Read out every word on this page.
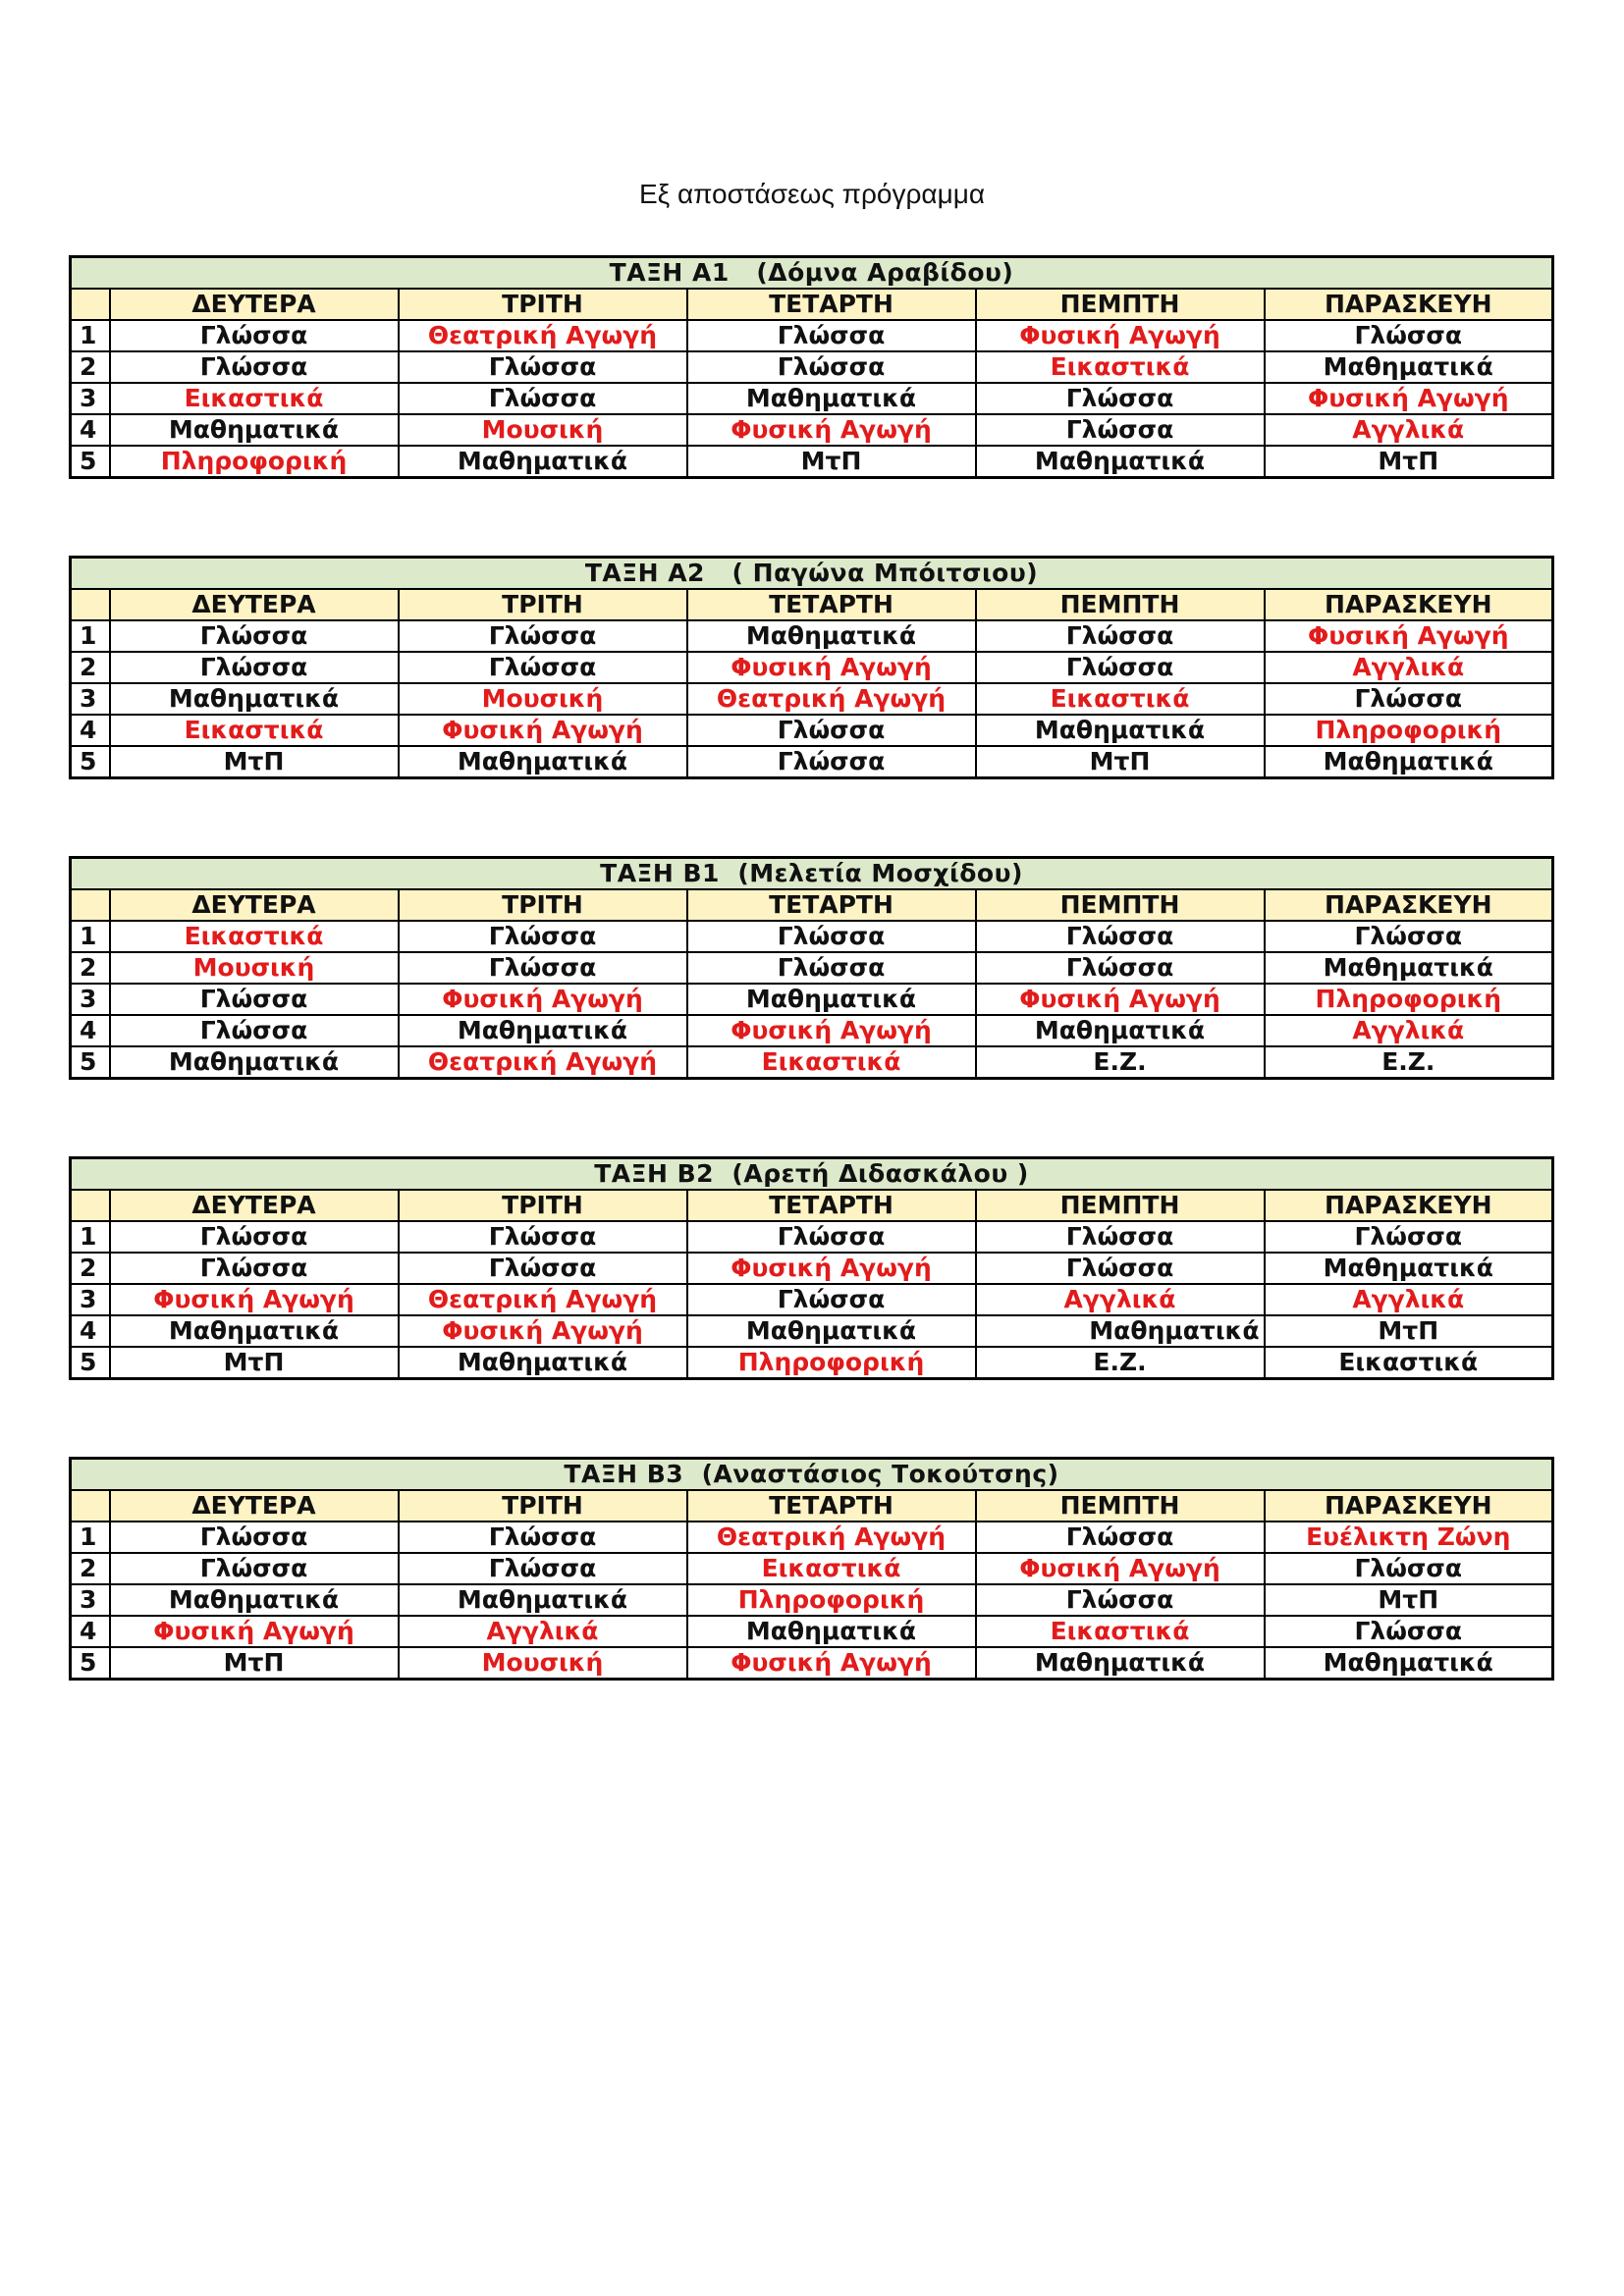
Εξ αποστάσεως πρόγραμμα
ΤΑΞΗ Α1   (Δόμνα Αραβίδου)					
	ΔΕΥΤΕΡΑ	ΤΡΙΤΗ	ΤΕΤΑΡΤΗ	ΠΕΜΠΤΗ	ΠΑΡΑΣΚΕΥΗ
1	Γλώσσα	Θεατρική Αγωγή	Γλώσσα	Φυσική Αγωγή	Γλώσσα
2	Γλώσσα	Γλώσσα	Γλώσσα	Εικαστικά	Μαθηματικά
3	Εικαστικά	Γλώσσα	Μαθηματικά	Γλώσσα	Φυσική Αγωγή
4	Μαθηματικά	Μουσική	Φυσική Αγωγή	Γλώσσα	Αγγλικά
5	Πληροφορική	Μαθηματικά	ΜτΠ	Μαθηματικά	ΜτΠ
ΤΑΞΗ Α2   ( Παγώνα Μπόιτσιου)					
	ΔΕΥΤΕΡΑ	ΤΡΙΤΗ	ΤΕΤΑΡΤΗ	ΠΕΜΠΤΗ	ΠΑΡΑΣΚΕΥΗ
1	Γλώσσα	Γλώσσα	Μαθηματικά	Γλώσσα	Φυσική Αγωγή
2	Γλώσσα	Γλώσσα	Φυσική Αγωγή	Γλώσσα	Αγγλικά
3	Μαθηματικά	Μουσική	Θεατρική Αγωγή	Εικαστικά	Γλώσσα
4	Εικαστικά	Φυσική Αγωγή	Γλώσσα	Μαθηματικά	Πληροφορική
5	ΜτΠ	Μαθηματικά	Γλώσσα	ΜτΠ	Μαθηματικά
ΤΑΞΗ Β1  (Μελετία Μοσχίδου)					
	ΔΕΥΤΕΡΑ	ΤΡΙΤΗ	ΤΕΤΑΡΤΗ	ΠΕΜΠΤΗ	ΠΑΡΑΣΚΕΥΗ
1	Εικαστικά	Γλώσσα	Γλώσσα	Γλώσσα	Γλώσσα
2	Μουσική	Γλώσσα	Γλώσσα	Γλώσσα	Μαθηματικά
3	Γλώσσα	Φυσική Αγωγή	Μαθηματικά	Φυσική Αγωγή	Πληροφορική
4	Γλώσσα	Μαθηματικά	Φυσική Αγωγή	Μαθηματικά	Αγγλικά
5	Μαθηματικά	Θεατρική Αγωγή	Εικαστικά	Ε.Ζ.	Ε.Ζ.
ΤΑΞΗ Β2  (Αρετή Διδασκάλου )					
	ΔΕΥΤΕΡΑ	ΤΡΙΤΗ	ΤΕΤΑΡΤΗ	ΠΕΜΠΤΗ	ΠΑΡΑΣΚΕΥΗ
1	Γλώσσα	Γλώσσα	Γλώσσα	Γλώσσα	Γλώσσα
2	Γλώσσα	Γλώσσα	Φυσική Αγωγή	Γλώσσα	Μαθηματικά
3	Φυσική Αγωγή	Θεατρική Αγωγή	Γλώσσα	Αγγλικά	Αγγλικά
4	Μαθηματικά	Φυσική Αγωγή	Μαθηματικά	Μαθηματικά	ΜτΠ
5	ΜτΠ	Μαθηματικά	Πληροφορική	Ε.Ζ.	Εικαστικά
ΤΑΞΗ Β3  (Αναστάσιος Τοκούτσης)					
	ΔΕΥΤΕΡΑ	ΤΡΙΤΗ	ΤΕΤΑΡΤΗ	ΠΕΜΠΤΗ	ΠΑΡΑΣΚΕΥΗ
1	Γλώσσα	Γλώσσα	Θεατρική Αγωγή	Γλώσσα	Ευέλικτη Ζώνη
2	Γλώσσα	Γλώσσα	Εικαστικά	Φυσική Αγωγή	Γλώσσα
3	Μαθηματικά	Μαθηματικά	Πληροφορική	Γλώσσα	ΜτΠ
4	Φυσική Αγωγή	Αγγλικά	Μαθηματικά	Εικαστικά	Γλώσσα
5	ΜτΠ	Μουσική	Φυσική Αγωγή	Μαθηματικά	Μαθηματικά
